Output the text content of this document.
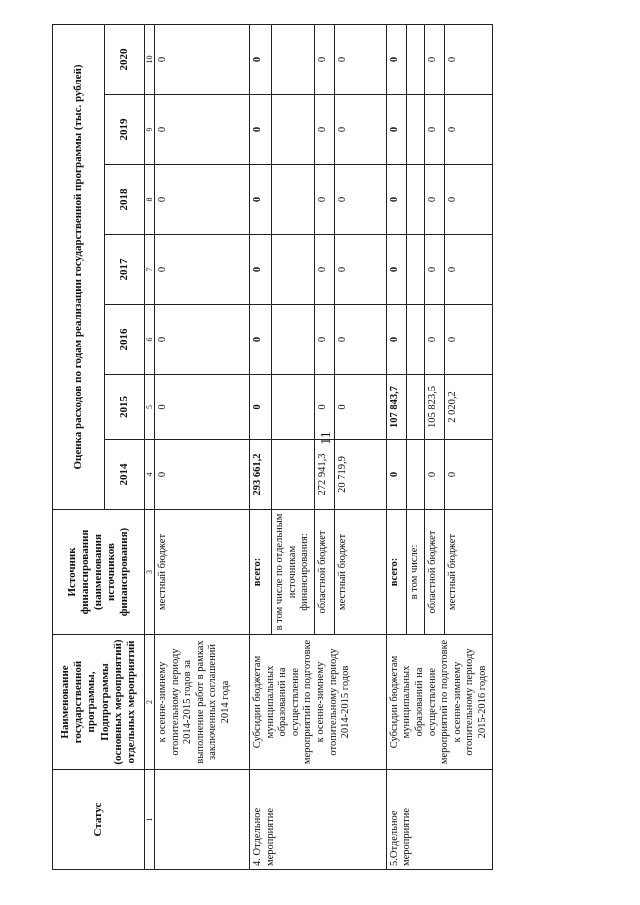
11
Статус	Наименование государственной программы, Подпрограммы (основных мероприятий) отдельных мероприятий	Источник финансирования (наименования источников финансирования)	Оценка расходов по годам реализации государственной программы (тыс. рублей)						
			2014	2015	2016	2017	2018	2019	2020
1	2	3	4	5	6	7	8	9	10
	к осенне-зимнему отопительному периоду 2014-2015 годов за выполнение работ в рамках заключенных соглашений 2014 года	местный бюджет	0	0	0	0	0	0	0
4. Отдельное мероприятие	Субсидии бюджетам муниципальных образований на осуществление мероприятий по подготовке к осенне-зимнему отопительному периоду 2014-2015 годов	всего:	293 661,2	0	0	0	0	0	0
		в том числе по отдельным источникам финансирования:							
		областной бюджет	272 941,3	0	0	0	0	0	0
		местный бюджет	20 719,9	0	0	0	0	0	0
5.Отдельное мероприятие	Субсидии бюджетам муниципальных образований на осуществление мероприятий по подготовке к осенне-зимнему отопительному периоду 2015-2016 годов	всего:	0	107 843,7	0	0	0	0	0
		в том числе:							
		областной бюджет	0	105 823,5	0	0	0	0	0
		местный бюджет	0	2 020,2	0	0	0	0	0
